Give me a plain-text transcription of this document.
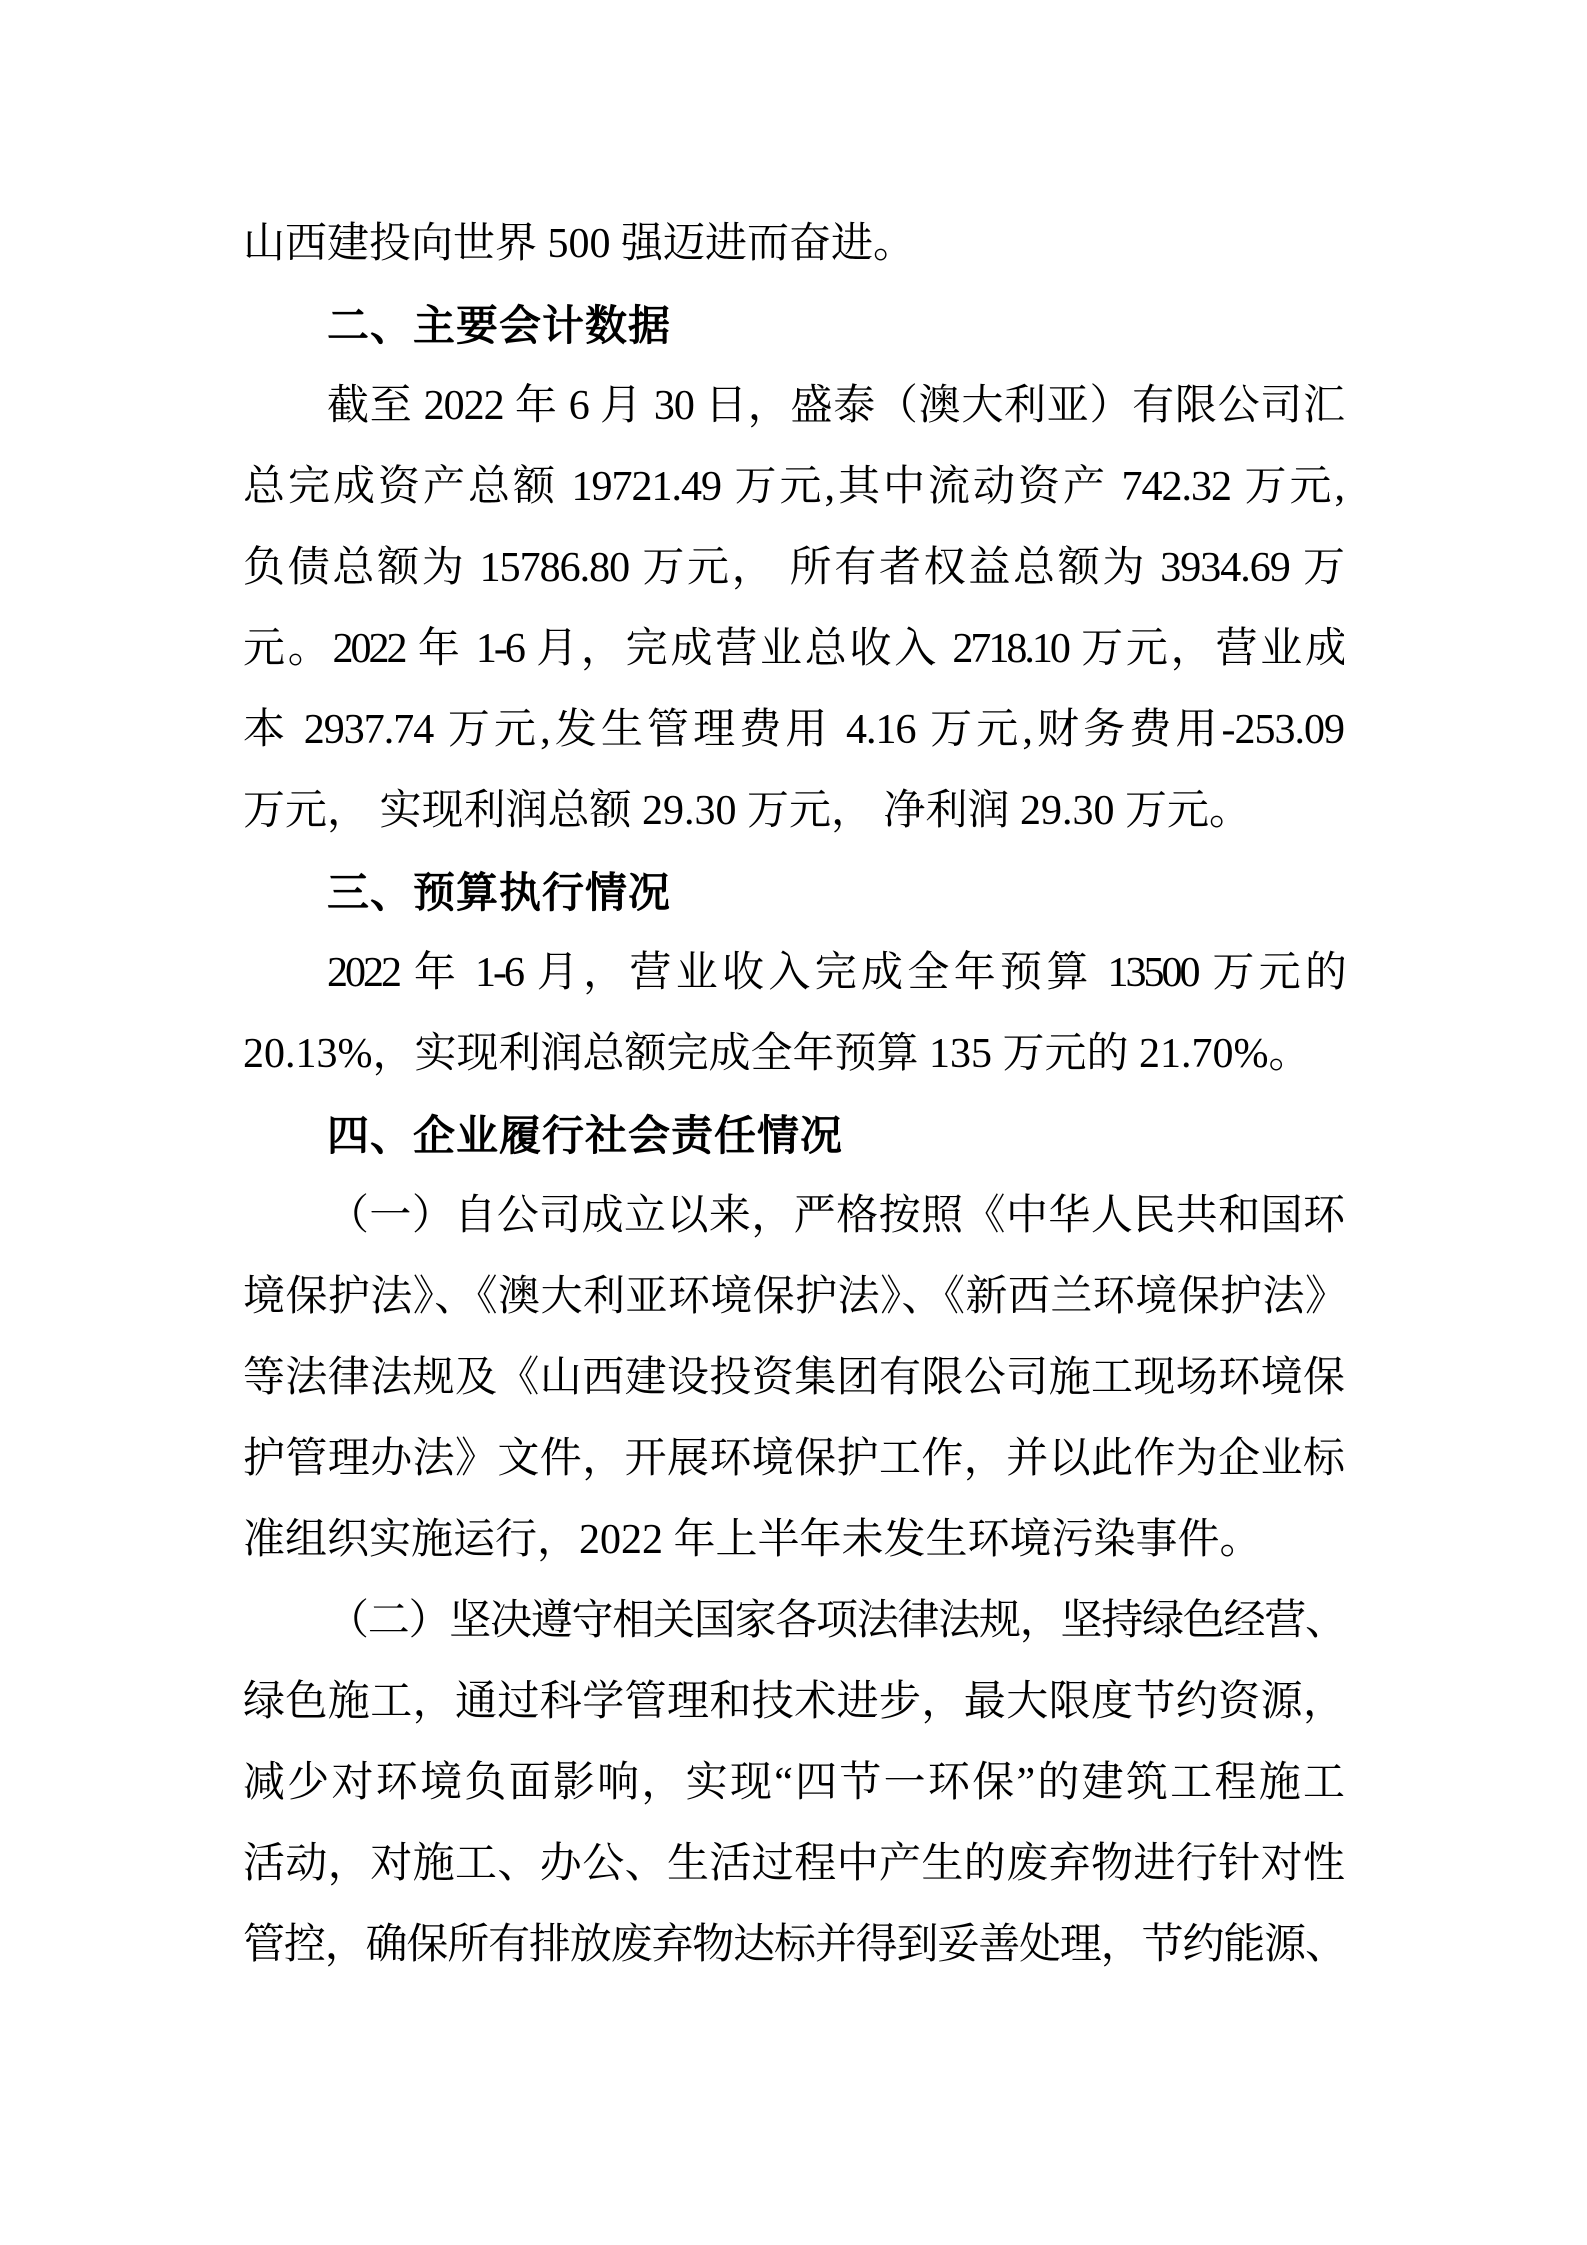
山西建投向世界 500 强迈进而奋进。
二、主要会计数据
截至 2022 年 6 月 30 日，盛泰（澳大利亚）有限公司汇
总完成资产总额 19721.49 万元,其中流动资产 742.32 万元,
负债总额为 15786.80 万元， 所有者权益总额为 3934.69 万
元。2022 年 1-6 月，完成营业总收入 2718.10 万元，营业成
本 2937.74 万元,发生管理费用 4.16 万元,财务费用-253.09
万元， 实现利润总额 29.30 万元， 净利润 29.30 万元。
三、预算执行情况
2022 年 1-6 月，营业收入完成全年预算 13500 万元的
20.13%，实现利润总额完成全年预算 135 万元的 21.70%。
四、企业履行社会责任情况
（一）自公司成立以来，严格按照《中华人民共和国环
境保护法》、《澳大利亚环境保护法》、《新西兰环境保护法》
等法律法规及《山西建设投资集团有限公司施工现场环境保
护管理办法》文件，开展环境保护工作，并以此作为企业标
准组织实施运行，2022 年上半年未发生环境污染事件。
（二）坚决遵守相关国家各项法律法规，坚持绿色经营、
绿色施工，通过科学管理和技术进步，最大限度节约资源，
减少对环境负面影响，实现“四节一环保”的建筑工程施工
活动，对施工、办公、生活过程中产生的废弃物进行针对性
管控，确保所有排放废弃物达标并得到妥善处理，节约能源、
